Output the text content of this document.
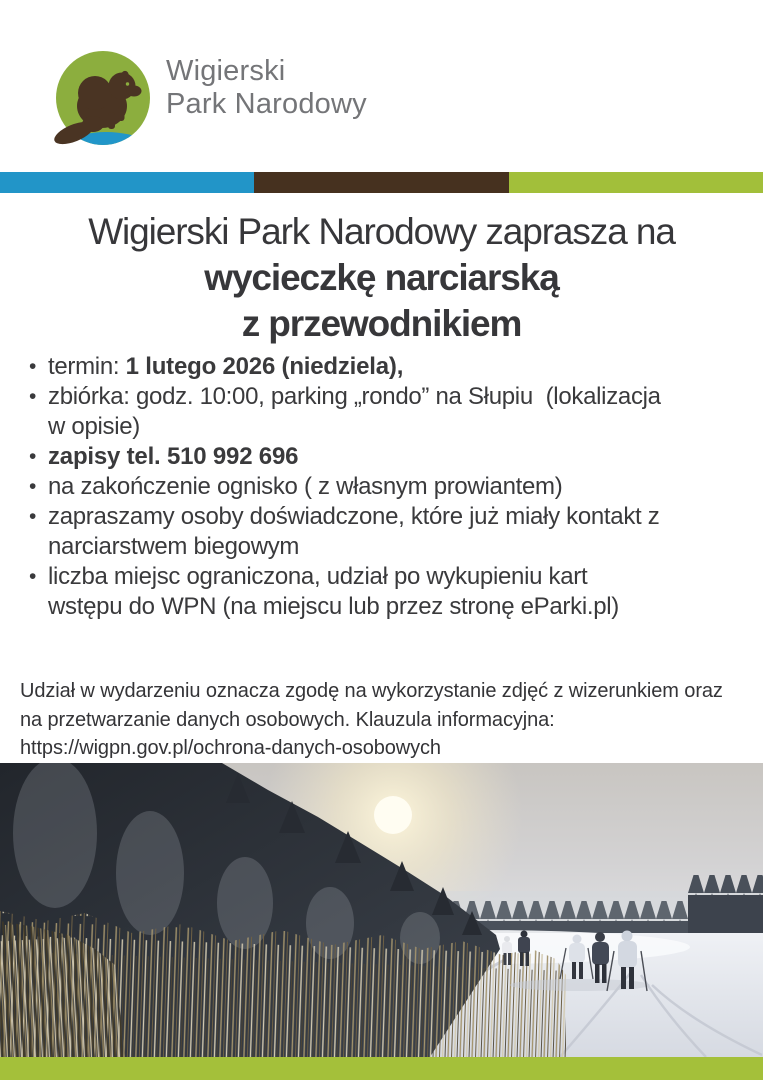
Wigierski
Park Narodowy
Wigierski Park Narodowy zaprasza na
wycieczkę narciarską
z przewodnikiem
• termin: 1 lutego 2026 (niedziela),
• zbiórka: godz. 10:00, parking „rondo” na Słupiu  (lokalizacja
w opisie)
• zapisy tel. 510 992 696
• na zakończenie ognisko ( z własnym prowiantem)
• zapraszamy osoby doświadczone, które już miały kontakt z
narciarstwem biegowym
• liczba miejsc ograniczona, udział po wykupieniu kart
wstępu do WPN (na miejscu lub przez stronę eParki.pl)
Udział w wydarzeniu oznacza zgodę na wykorzystanie zdjęć z wizerunkiem oraz
na przetwarzanie danych osobowych. Klauzula informacyjna:
https://wigpn.gov.pl/ochrona-danych-osobowych
